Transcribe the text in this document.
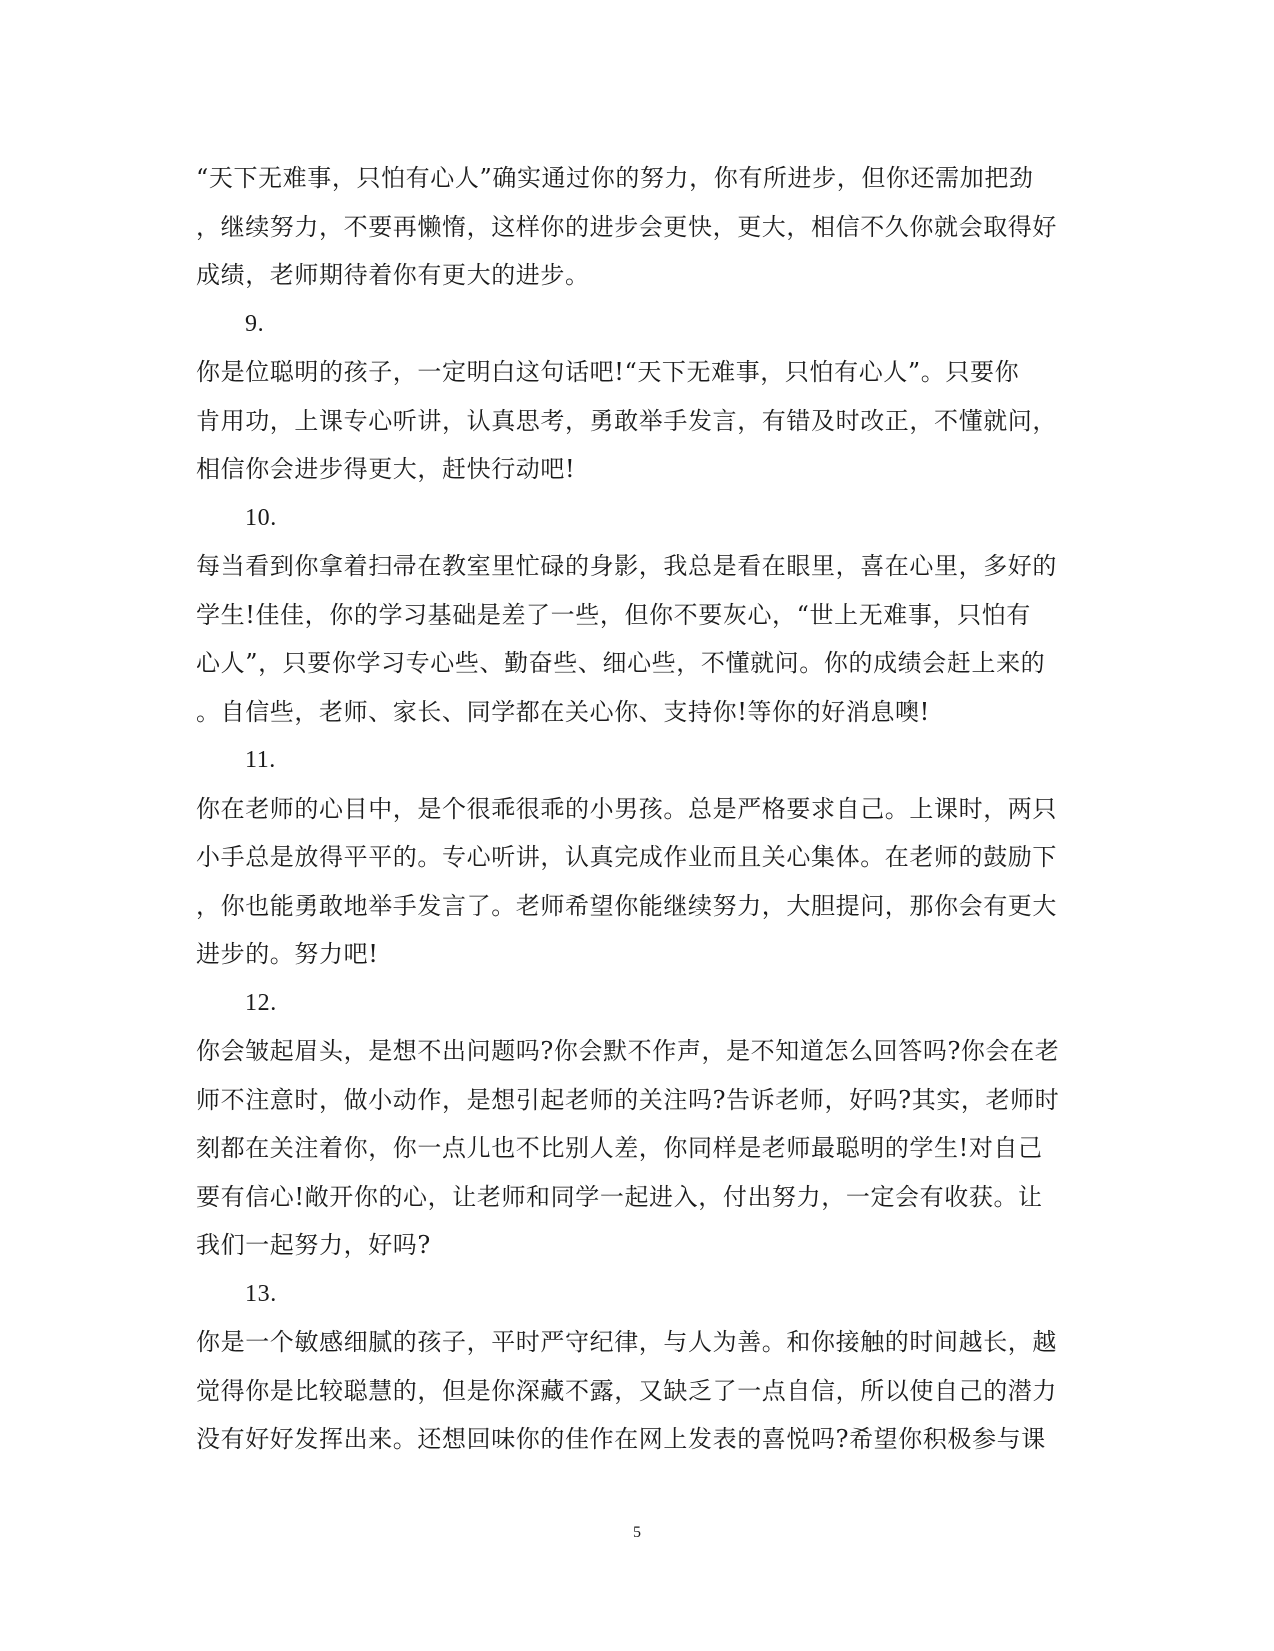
“天下无难事，只怕有心人”确实通过你的努力，你有所进步，但你还需加把劲
，继续努力，不要再懒惰，这样你的进步会更快，更大，相信不久你就会取得好
成绩，老师期待着你有更大的进步。
9.
你是位聪明的孩子，一定明白这句话吧!“天下无难事，只怕有心人”。只要你
肯用功，上课专心听讲，认真思考，勇敢举手发言，有错及时改正，不懂就问，
相信你会进步得更大，赶快行动吧!
10.
每当看到你拿着扫帚在教室里忙碌的身影，我总是看在眼里，喜在心里，多好的
学生!佳佳，你的学习基础是差了一些，但你不要灰心，“世上无难事，只怕有
心人”，只要你学习专心些、勤奋些、细心些，不懂就问。你的成绩会赶上来的
。自信些，老师、家长、同学都在关心你、支持你!等你的好消息噢!
11.
你在老师的心目中，是个很乖很乖的小男孩。总是严格要求自己。上课时，两只
小手总是放得平平的。专心听讲，认真完成作业而且关心集体。在老师的鼓励下
，你也能勇敢地举手发言了。老师希望你能继续努力，大胆提问，那你会有更大
进步的。努力吧!
12.
你会皱起眉头，是想不出问题吗?你会默不作声，是不知道怎么回答吗?你会在老
师不注意时，做小动作，是想引起老师的关注吗?告诉老师，好吗?其实，老师时
刻都在关注着你，你一点儿也不比别人差，你同样是老师最聪明的学生!对自己
要有信心!敞开你的心，让老师和同学一起进入，付出努力，一定会有收获。让
我们一起努力，好吗?
13.
你是一个敏感细腻的孩子，平时严守纪律，与人为善。和你接触的时间越长，越
觉得你是比较聪慧的，但是你深藏不露，又缺乏了一点自信，所以使自己的潜力
没有好好发挥出来。还想回味你的佳作在网上发表的喜悦吗?希望你积极参与课
5
